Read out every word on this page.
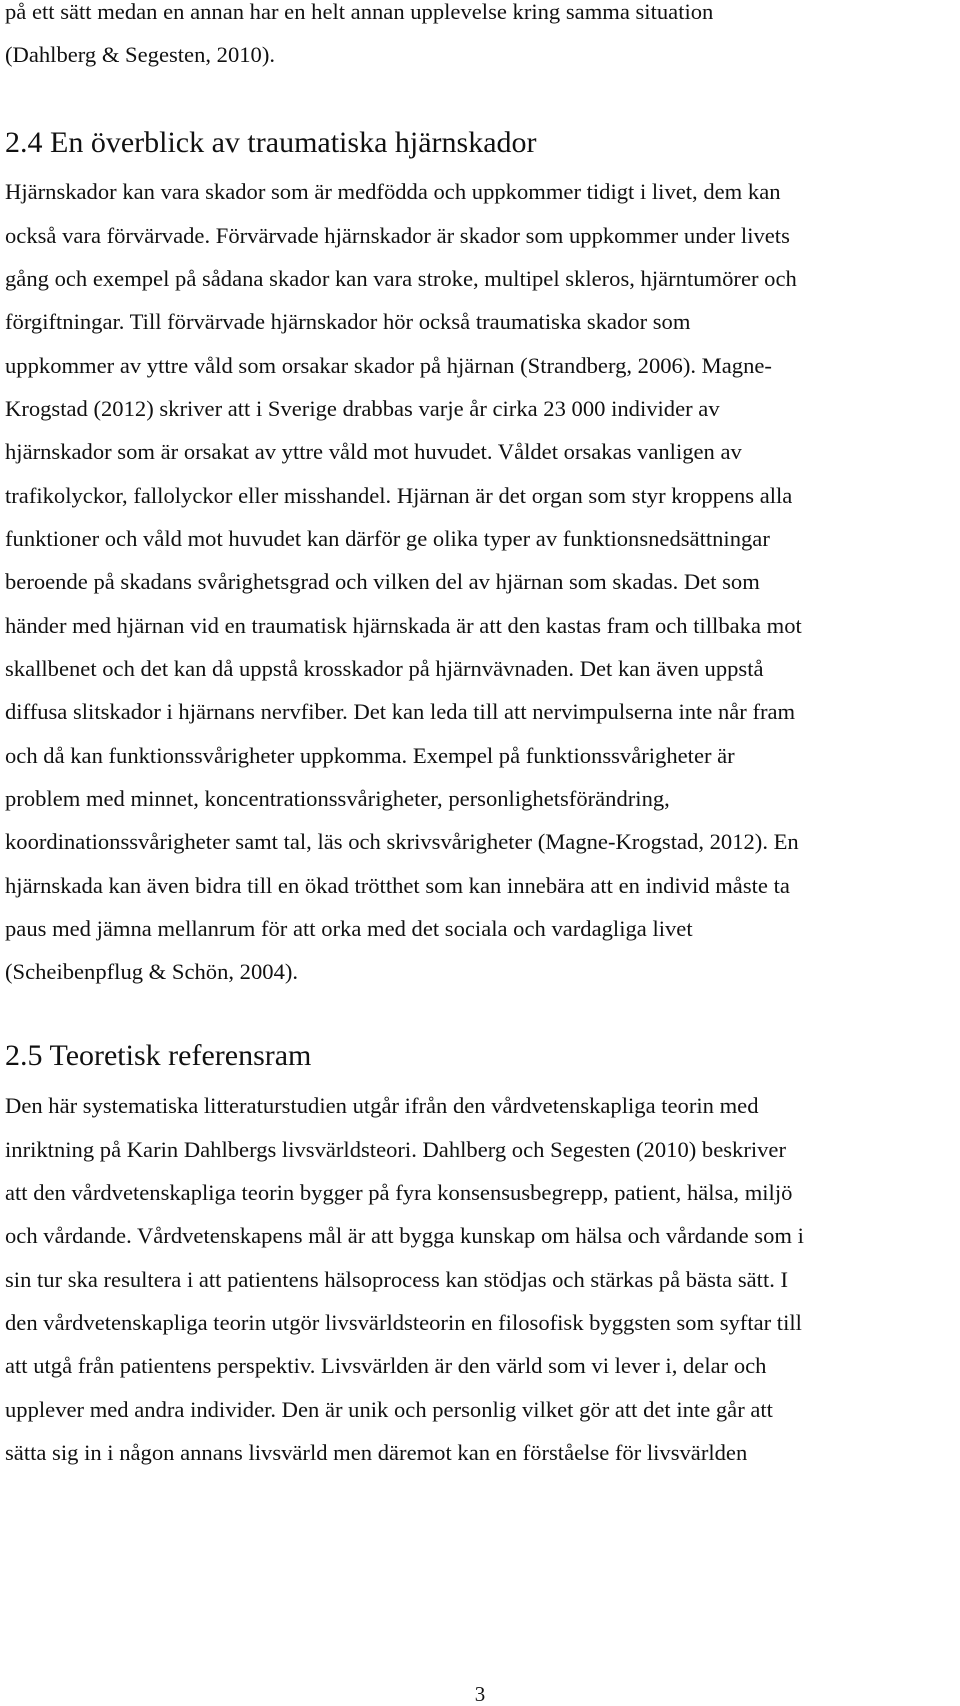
på ett sätt medan en annan har en helt annan upplevelse kring samma situation

(Dahlberg & Segesten, 2010).

2.4 En överblick av traumatiska hjärnskador

Hjärnskador kan vara skador som är medfödda och uppkommer tidigt i livet, dem kan

också vara förvärvade. Förvärvade hjärnskador är skador som uppkommer under livets

gång och exempel på sådana skador kan vara stroke, multipel skleros, hjärntumörer och

förgiftningar. Till förvärvade hjärnskador hör också traumatiska skador som

uppkommer av yttre våld som orsakar skador på hjärnan (Strandberg, 2006). Magne-

Krogstad (2012) skriver att i Sverige drabbas varje år cirka 23 000 individer av

hjärnskador som är orsakat av yttre våld mot huvudet. Våldet orsakas vanligen av

trafikolyckor, fallolyckor eller misshandel. Hjärnan är det organ som styr kroppens alla

funktioner och våld mot huvudet kan därför ge olika typer av funktionsnedsättningar

beroende på skadans svårighetsgrad och vilken del av hjärnan som skadas. Det som

händer med hjärnan vid en traumatisk hjärnskada är att den kastas fram och tillbaka mot

skallbenet och det kan då uppstå krosskador på hjärnvävnaden. Det kan även uppstå

diffusa slitskador i hjärnans nervfiber. Det kan leda till att nervimpulserna inte når fram

och då kan funktionssvårigheter uppkomma. Exempel på funktionssvårigheter är

problem med minnet, koncentrationssvårigheter, personlighetsförändring,

koordinationssvårigheter samt tal, läs och skrivsvårigheter (Magne-Krogstad, 2012). En

hjärnskada kan även bidra till en ökad trötthet som kan innebära att en individ måste ta

paus med jämna mellanrum för att orka med det sociala och vardagliga livet

(Scheibenpflug & Schön, 2004).

2.5 Teoretisk referensram

Den här systematiska litteraturstudien utgår ifrån den vårdvetenskapliga teorin med

inriktning på Karin Dahlbergs livsvärldsteori. Dahlberg och Segesten (2010) beskriver

att den vårdvetenskapliga teorin bygger på fyra konsensusbegrepp, patient, hälsa, miljö

och vårdande. Vårdvetenskapens mål är att bygga kunskap om hälsa och vårdande som i

sin tur ska resultera i att patientens hälsoprocess kan stödjas och stärkas på bästa sätt. I

den vårdvetenskapliga teorin utgör livsvärldsteorin en filosofisk byggsten som syftar till

att utgå från patientens perspektiv. Livsvärlden är den värld som vi lever i, delar och

upplever med andra individer. Den är unik och personlig vilket gör att det inte går att

sätta sig in i någon annans livsvärld men däremot kan en förståelse för livsvärlden

3
